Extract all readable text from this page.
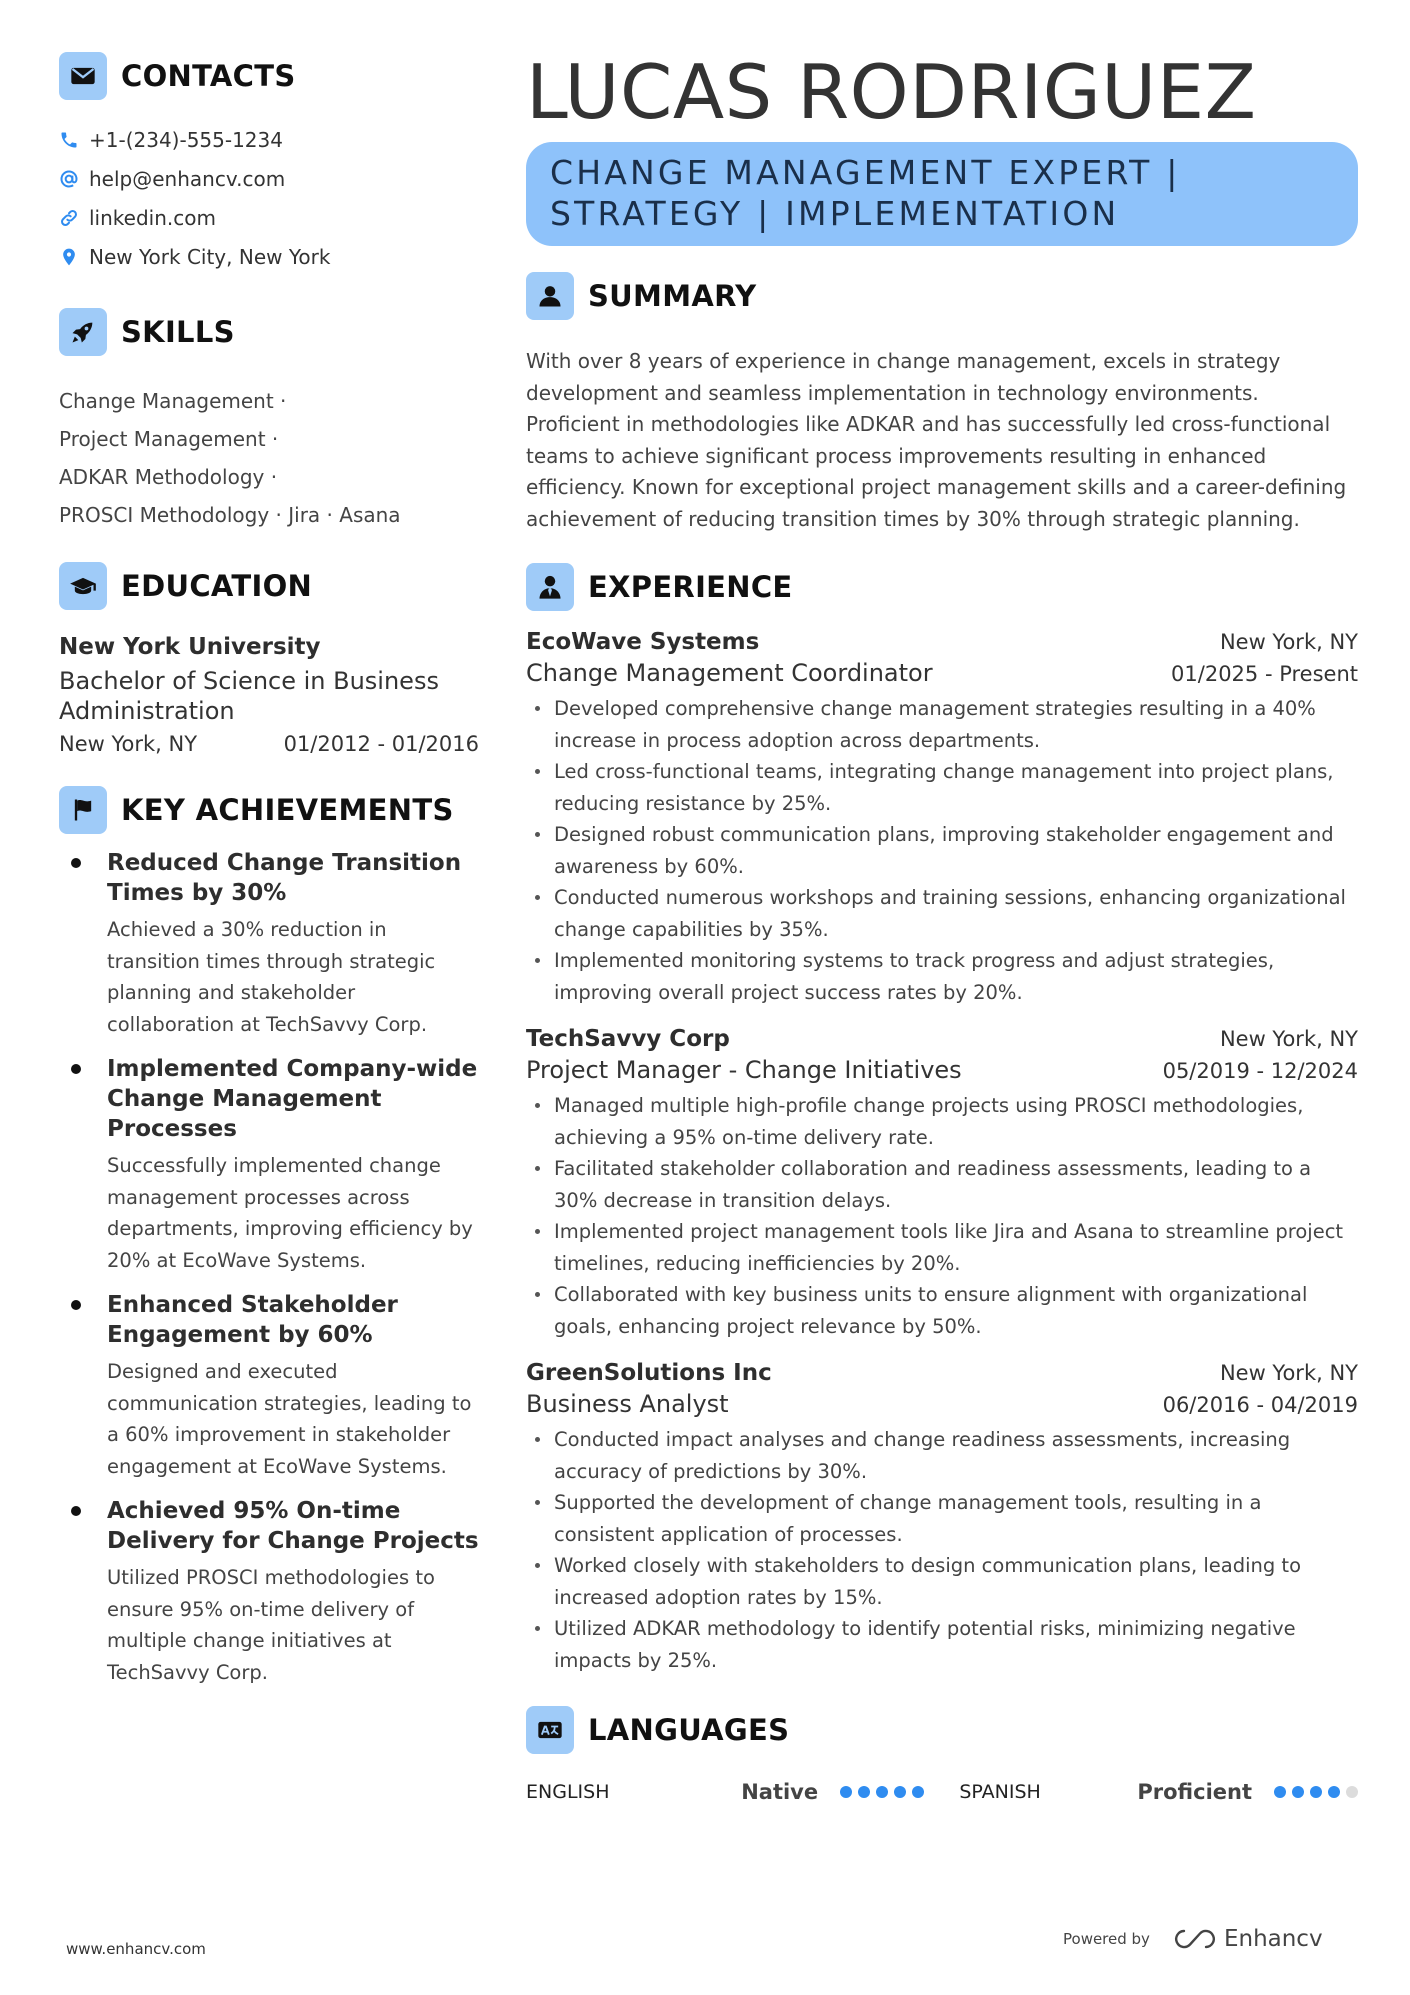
CONTACTS
+1-(234)-555-1234
help@enhancv.com
linkedin.com
New York City, New York
SKILLS
Change Management ·
Project Management ·
ADKAR Methodology ·
PROSCI Methodology · Jira · Asana
EDUCATION
New York University
Bachelor of Science in Business Administration
New York, NY	01/2012 - 01/2016
KEY ACHIEVEMENTS
Reduced Change Transition Times by 30%
Achieved a 30% reduction in transition times through strategic planning and stakeholder collaboration at TechSavvy Corp.
Implemented Company-wide Change Management Processes
Successfully implemented change management processes across departments, improving efficiency by 20% at EcoWave Systems.
Enhanced Stakeholder Engagement by 60%
Designed and executed communication strategies, leading to a 60% improvement in stakeholder engagement at EcoWave Systems.
Achieved 95% On-time Delivery for Change Projects
Utilized PROSCI methodologies to ensure 95% on-time delivery of multiple change initiatives at TechSavvy Corp.
LUCAS RODRIGUEZ
CHANGE MANAGEMENT EXPERT | STRATEGY | IMPLEMENTATION
SUMMARY
With over 8 years of experience in change management, excels in strategy development and seamless implementation in technology environments. Proficient in methodologies like ADKAR and has successfully led cross-functional teams to achieve significant process improvements resulting in enhanced efficiency. Known for exceptional project management skills and a career-defining achievement of reducing transition times by 30% through strategic planning.
EXPERIENCE
EcoWave Systems	New York, NY
Change Management Coordinator	01/2025 - Present
Developed comprehensive change management strategies resulting in a 40% increase in process adoption across departments.
Led cross-functional teams, integrating change management into project plans, reducing resistance by 25%.
Designed robust communication plans, improving stakeholder engagement and awareness by 60%.
Conducted numerous workshops and training sessions, enhancing organizational change capabilities by 35%.
Implemented monitoring systems to track progress and adjust strategies, improving overall project success rates by 20%.
TechSavvy Corp	New York, NY
Project Manager - Change Initiatives	05/2019 - 12/2024
Managed multiple high-profile change projects using PROSCI methodologies, achieving a 95% on-time delivery rate.
Facilitated stakeholder collaboration and readiness assessments, leading to a 30% decrease in transition delays.
Implemented project management tools like Jira and Asana to streamline project timelines, reducing inefficiencies by 20%.
Collaborated with key business units to ensure alignment with organizational goals, enhancing project relevance by 50%.
GreenSolutions Inc	New York, NY
Business Analyst	06/2016 - 04/2019
Conducted impact analyses and change readiness assessments, increasing accuracy of predictions by 30%.
Supported the development of change management tools, resulting in a consistent application of processes.
Worked closely with stakeholders to design communication plans, leading to increased adoption rates by 15%.
Utilized ADKAR methodology to identify potential risks, minimizing negative impacts by 25%.
LANGUAGES
ENGLISH	Native	SPANISH	Proficient
www.enhancv.com
Powered by	Enhancv
